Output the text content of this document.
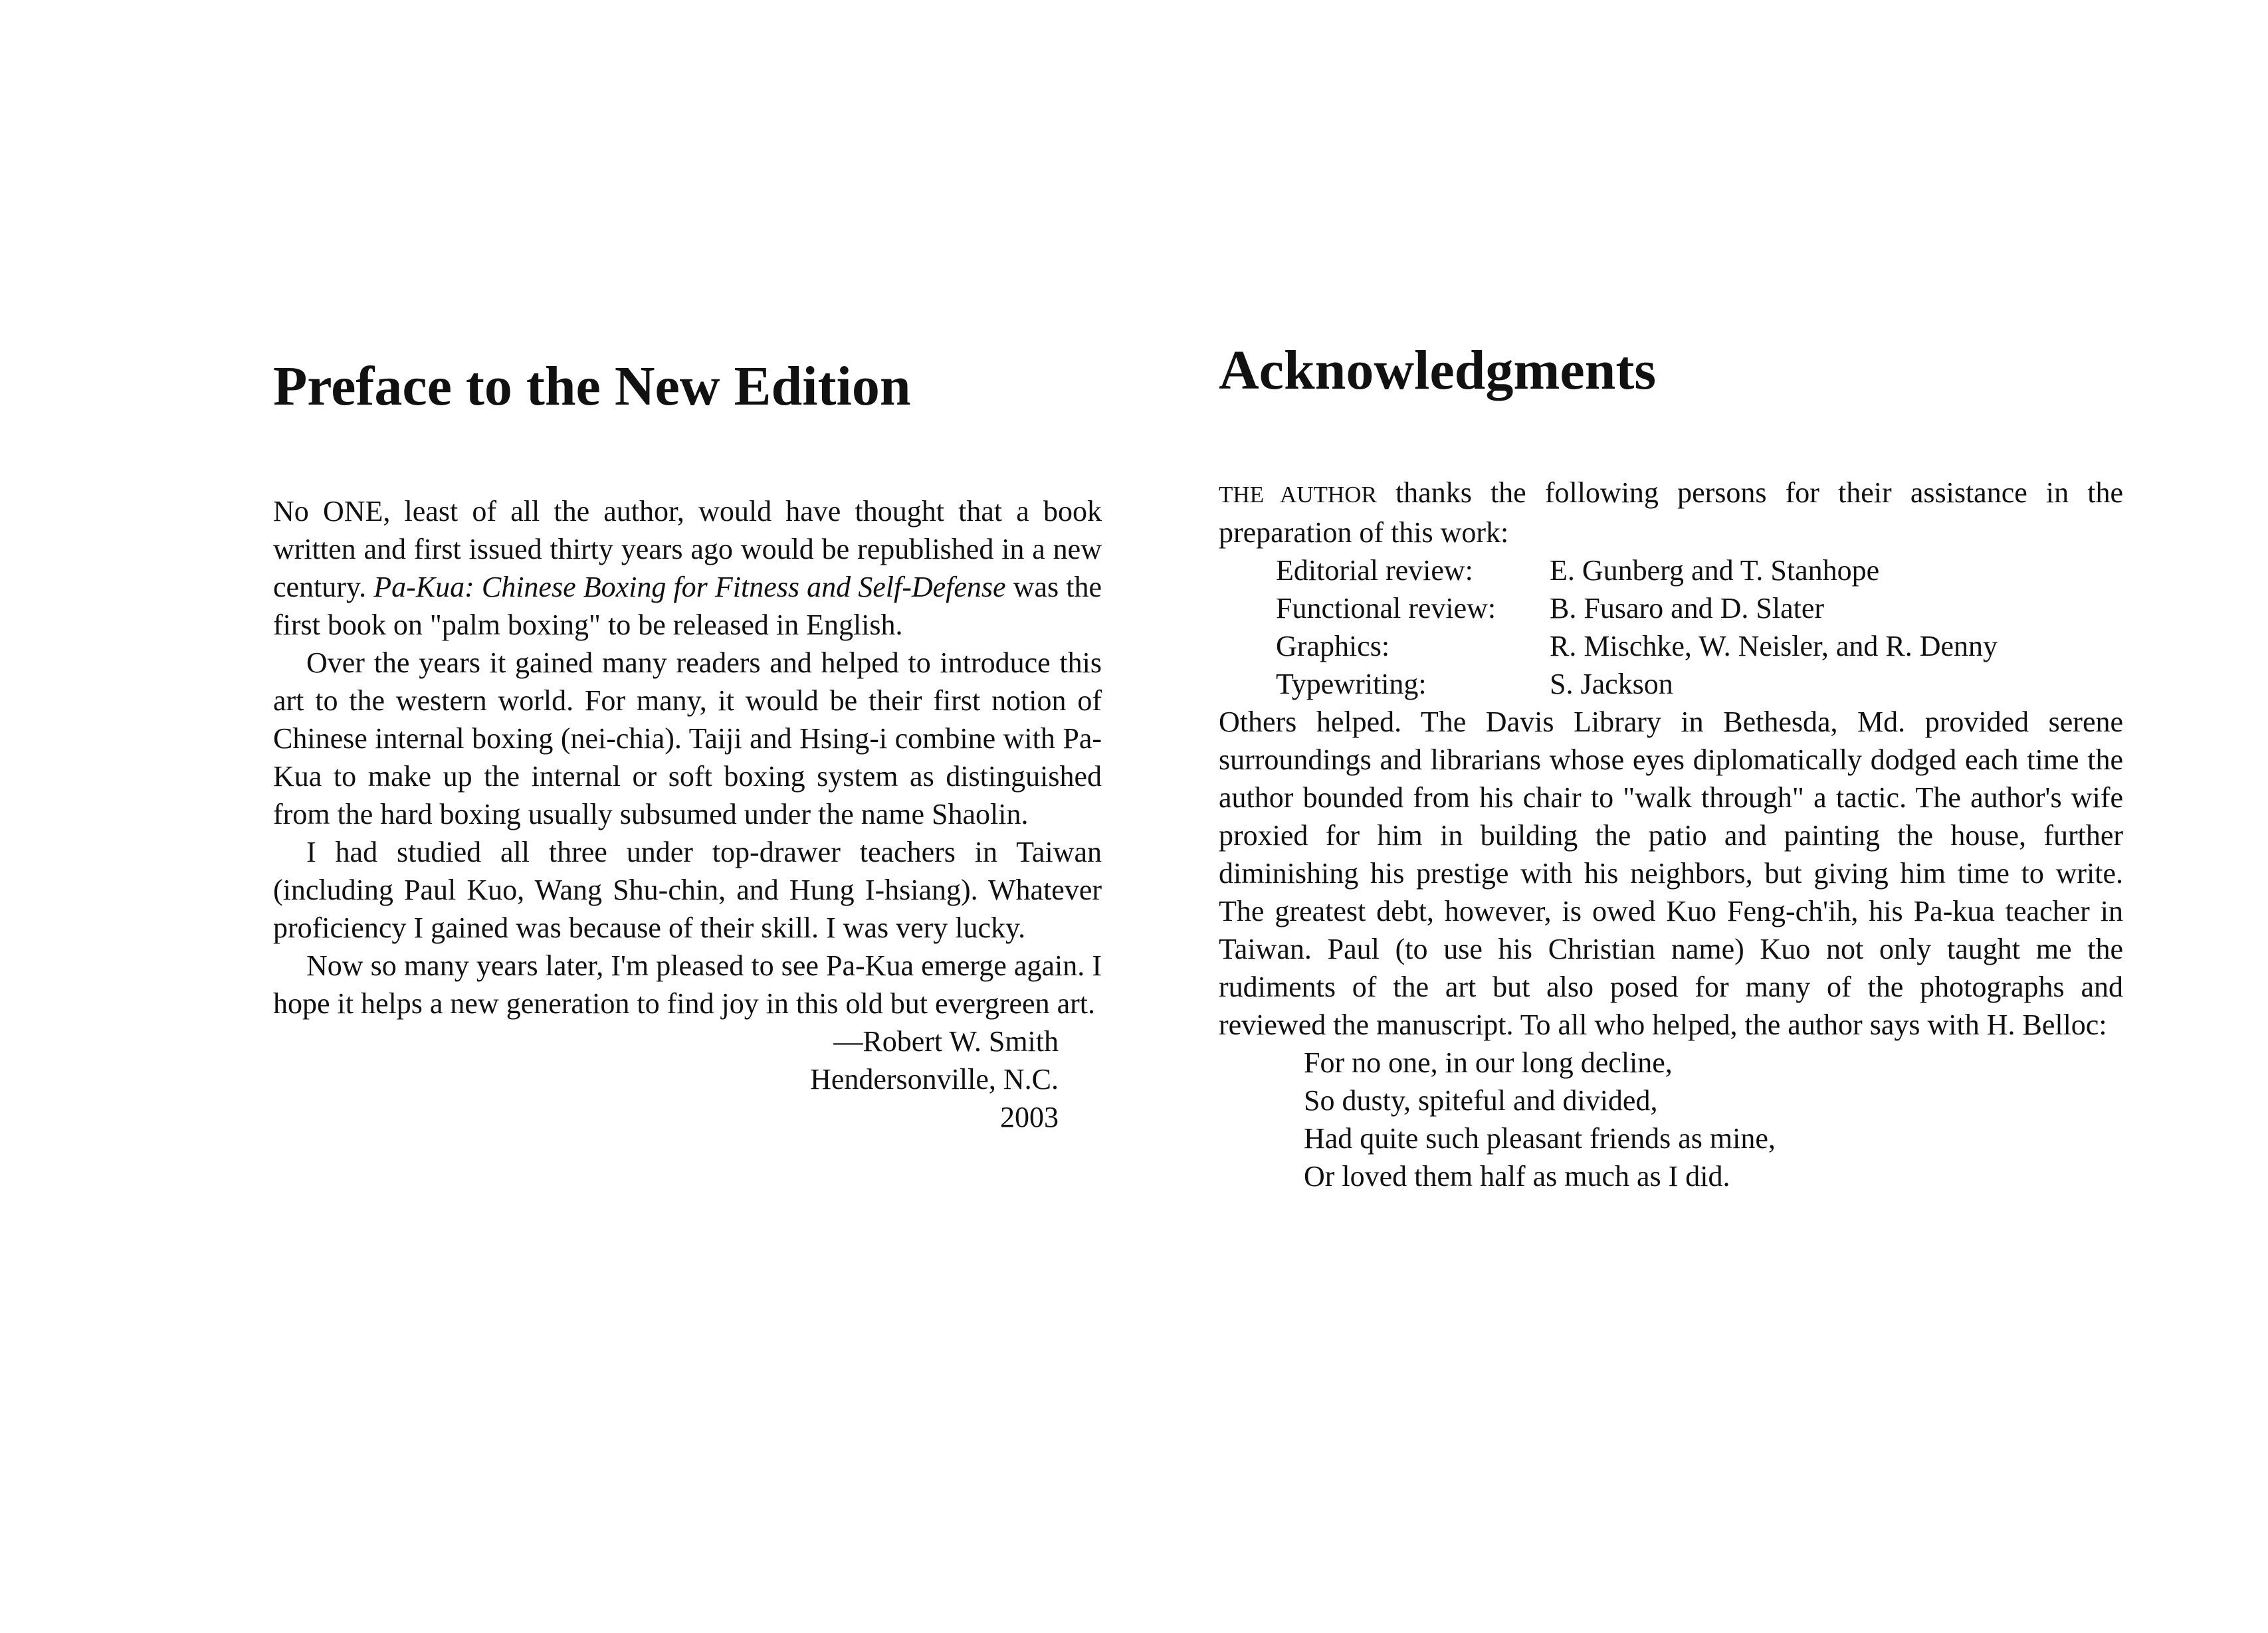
Preface to the New Edition

No ONE, least of all the author, would have thought that a book written and first issued thirty years ago would be republished in a new century. Pa-Kua: Chinese Boxing for Fitness and Self-Defense was the first book on "palm boxing" to be released in English.

Over the years it gained many readers and helped to introduce this art to the western world. For many, it would be their first notion of Chinese internal boxing (nei-chia). Taiji and Hsing-i combine with Pa-Kua to make up the internal or soft boxing system as distinguished from the hard boxing usually subsumed under the name Shaolin.

I had studied all three under top-drawer teachers in Taiwan (including Paul Kuo, Wang Shu-chin, and Hung I-hsiang). Whatever proficiency I gained was because of their skill. I was very lucky.

Now so many years later, I'm pleased to see Pa-Kua emerge again. I hope it helps a new generation to find joy in this old but evergreen art.

—Robert W. Smith

Hendersonville, N.C.

2003

Acknowledgments

THE AUTHOR thanks the following persons for their assistance in the preparation of this work:

Editorial review:	E. Gunberg and T. Stanhope
Functional review:	B. Fusaro and D. Slater
Graphics:	R. Mischke, W. Neisler, and R. Denny
Typewriting:	S. Jackson

Others helped. The Davis Library in Bethesda, Md. provided serene surroundings and librarians whose eyes diplomatically dodged each time the author bounded from his chair to "walk through" a tactic. The author's wife proxied for him in building the patio and painting the house, further diminishing his prestige with his neighbors, but giving him time to write. The greatest debt, however, is owed Kuo Feng-ch'ih, his Pa-kua teacher in Taiwan. Paul (to use his Christian name) Kuo not only taught me the rudiments of the art but also posed for many of the photographs and reviewed the manuscript. To all who helped, the author says with H. Belloc:

For no one, in our long decline,
So dusty, spiteful and divided,
Had quite such pleasant friends as mine,
Or loved them half as much as I did.
